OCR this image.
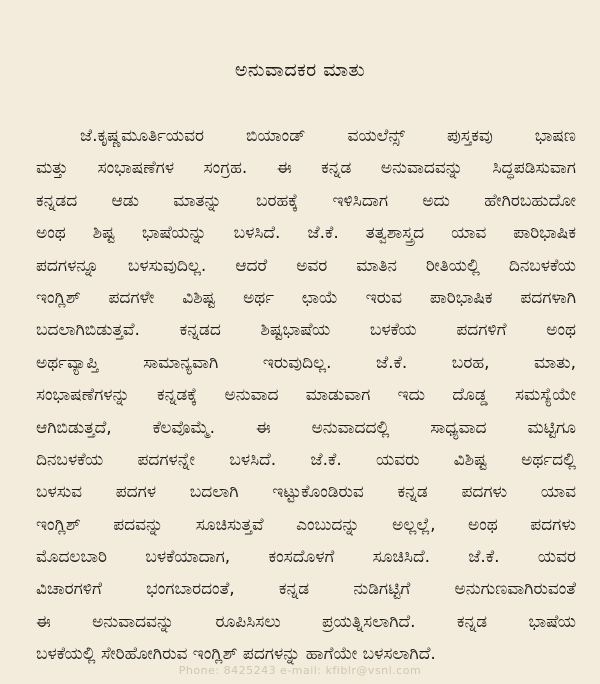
ಅನುವಾದಕರ ಮಾತು
ಜೆ.ಕೃಷ್ಣಮೂರ್ತಿಯವರ ಬಿಯಾಂಡ್ ವಯಲೆನ್ಸ್ ಪುಸ್ತಕವು ಭಾಷಣ
ಮತ್ತು ಸಂಭಾಷಣೆಗಳ ಸಂಗ್ರಹ. ಈ ಕನ್ನಡ ಅನುವಾದವನ್ನು ಸಿದ್ಧಪಡಿಸುವಾಗ
ಕನ್ನಡದ ಆಡು ಮಾತನ್ನು ಬರಹಕ್ಕೆ ಇಳಿಸಿದಾಗ ಅದು ಹೇಗಿರಬಹುದೋ
ಅಂಥ ಶಿಷ್ಟ ಭಾಷೆಯನ್ನು ಬಳಸಿದೆ. ಜೆ.ಕೆ. ತತ್ವಶಾಸ್ತ್ರದ ಯಾವ ಪಾರಿಭಾಷಿಕ
ಪದಗಳನ್ನೂ ಬಳಸುವುದಿಲ್ಲ. ಆದರೆ ಅವರ ಮಾತಿನ ರೀತಿಯಲ್ಲಿ ದಿನಬಳಕೆಯ
ಇಂಗ್ಲಿಶ್ ಪದಗಳೇ ವಿಶಿಷ್ಟ ಅರ್ಥ ಛಾಯೆ ಇರುವ ಪಾರಿಭಾಷಿಕ ಪದಗಳಾಗಿ
ಬದಲಾಗಿಬಿಡುತ್ತವೆ. ಕನ್ನಡದ ಶಿಷ್ಟಭಾಷೆಯ ಬಳಕೆಯ ಪದಗಳಿಗೆ ಅಂಥ
ಅರ್ಥವ್ಯಾಪ್ತಿ ಸಾಮಾನ್ಯವಾಗಿ ಇರುವುದಿಲ್ಲ. ಜೆ.ಕೆ. ಬರಹ, ಮಾತು,
ಸಂಭಾಷಣೆಗಳನ್ನು ಕನ್ನಡಕ್ಕೆ ಅನುವಾದ ಮಾಡುವಾಗ ಇದು ದೊಡ್ಡ ಸಮಸ್ಯೆಯೇ
ಆಗಿಬಿಡುತ್ತದೆ, ಕೆಲವೊಮ್ಮೆ. ಈ ಅನುವಾದದಲ್ಲಿ ಸಾಧ್ಯವಾದ ಮಟ್ಟಿಗೂ
ದಿನಬಳಕೆಯ ಪದಗಳನ್ನೇ ಬಳಸಿದೆ. ಜೆ.ಕೆ. ಯವರು ವಿಶಿಷ್ಟ ಅರ್ಥದಲ್ಲಿ
ಬಳಸುವ ಪದಗಳ ಬದಲಾಗಿ ಇಟ್ಟುಕೊಂಡಿರುವ ಕನ್ನಡ ಪದಗಳು ಯಾವ
ಇಂಗ್ಲಿಶ್ ಪದವನ್ನು ಸೂಚಿಸುತ್ತವೆ ಎಂಬುದನ್ನು ಅಲ್ಲಲ್ಲೆ, ಅಂಥ ಪದಗಳು
ಮೊದಲಬಾರಿ ಬಳಕೆಯಾದಾಗ, ಕಂಸದೊಳಗೆ ಸೂಚಿಸಿದೆ. ಜೆ.ಕೆ. ಯವರ
ವಿಚಾರಗಳಿಗೆ ಭಂಗಬಾರದಂತೆ, ಕನ್ನಡ ನುಡಿಗಟ್ಟಿಗೆ ಅನುಗುಣವಾಗಿರುವಂತೆ
ಈ ಅನುವಾದವನ್ನು ರೂಪಿಸಿಸಲು ಪ್ರಯತ್ನಿಸಲಾಗಿದೆ. ಕನ್ನಡ ಭಾಷೆಯ
ಬಳಕೆಯಲ್ಲಿ ಸೇರಿಹೋಗಿರುವ ಇಂಗ್ಲಿಶ್ ಪದಗಳನ್ನು ಹಾಗೆಯೇ ಬಳಸಲಾಗಿದೆ.
Phone: 8425243 e-mail: kfiblr@vsnl.com
